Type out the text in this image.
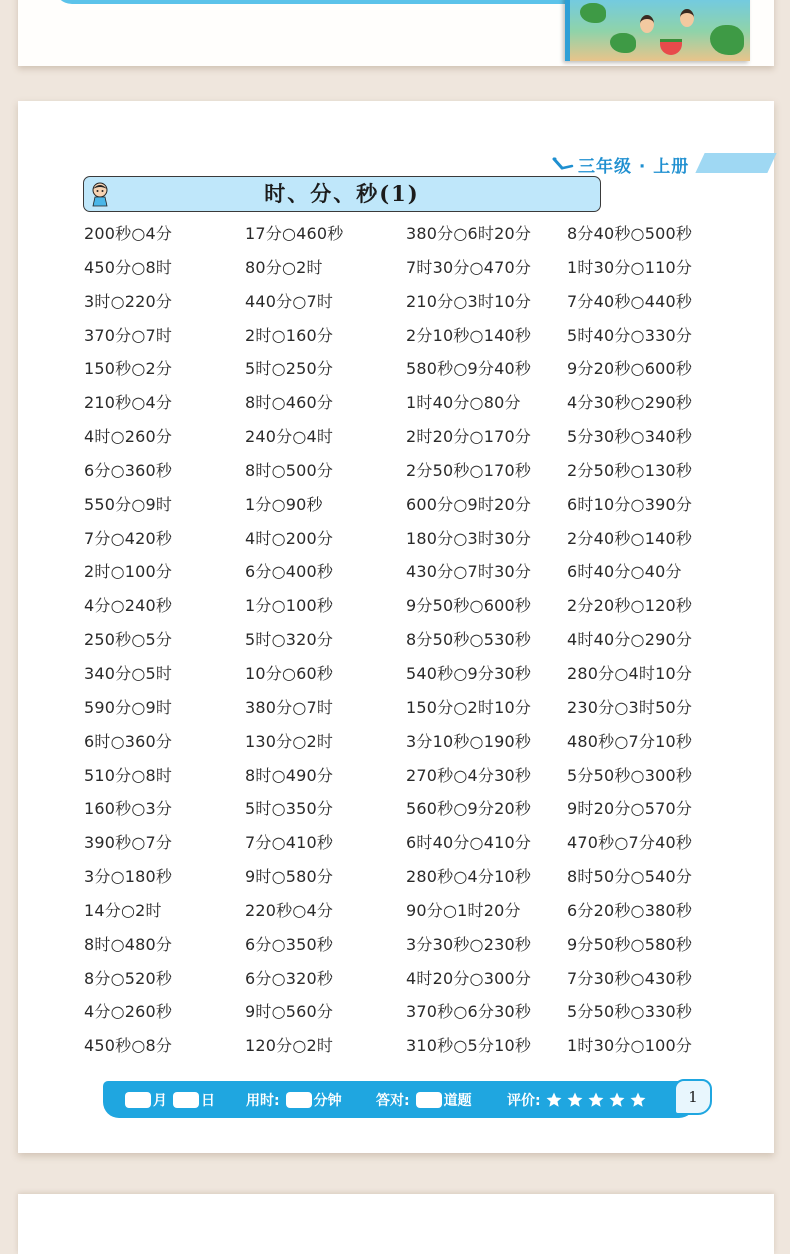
三年级 · 上册
时、分、秒(1)
200秒○4分	17分○460秒	380分○6时20分	8分40秒○500秒
450分○8时	80分○2时	7时30分○470分	1时30分○110分
3时○220分	440分○7时	210分○3时10分	7分40秒○440秒
370分○7时	2时○160分	2分10秒○140秒	5时40分○330分
150秒○2分	5时○250分	580秒○9分40秒	9分20秒○600秒
210秒○4分	8时○460分	1时40分○80分	4分30秒○290秒
4时○260分	240分○4时	2时20分○170分	5分30秒○340秒
6分○360秒	8时○500分	2分50秒○170秒	2分50秒○130秒
550分○9时	1分○90秒	600分○9时20分	6时10分○390分
7分○420秒	4时○200分	180分○3时30分	2分40秒○140秒
2时○100分	6分○400秒	430分○7时30分	6时40分○40分
4分○240秒	1分○100秒	9分50秒○600秒	2分20秒○120秒
250秒○5分	5时○320分	8分50秒○530秒	4时40分○290分
340分○5时	10分○60秒	540秒○9分30秒	280分○4时10分
590分○9时	380分○7时	150分○2时10分	230分○3时50分
6时○360分	130分○2时	3分10秒○190秒	480秒○7分10秒
510分○8时	8时○490分	270秒○4分30秒	5分50秒○300秒
160秒○3分	5时○350分	560秒○9分20秒	9时20分○570分
390秒○7分	7分○410秒	6时40分○410分	470秒○7分40秒
3分○180秒	9时○580分	280秒○4分10秒	8时50分○540分
14分○2时	220秒○4分	90分○1时20分	6分20秒○380秒
8时○480分	6分○350秒	3分30秒○230秒	9分50秒○580秒
8分○520秒	6分○320秒	4时20分○300分	7分30秒○430秒
4分○260秒	9时○560分	370秒○6分30秒	5分50秒○330秒
450秒○8分	120分○2时	310秒○5分10秒	1时30分○100分
月 日 用时: 分钟 答对: 道题	评价:	1
